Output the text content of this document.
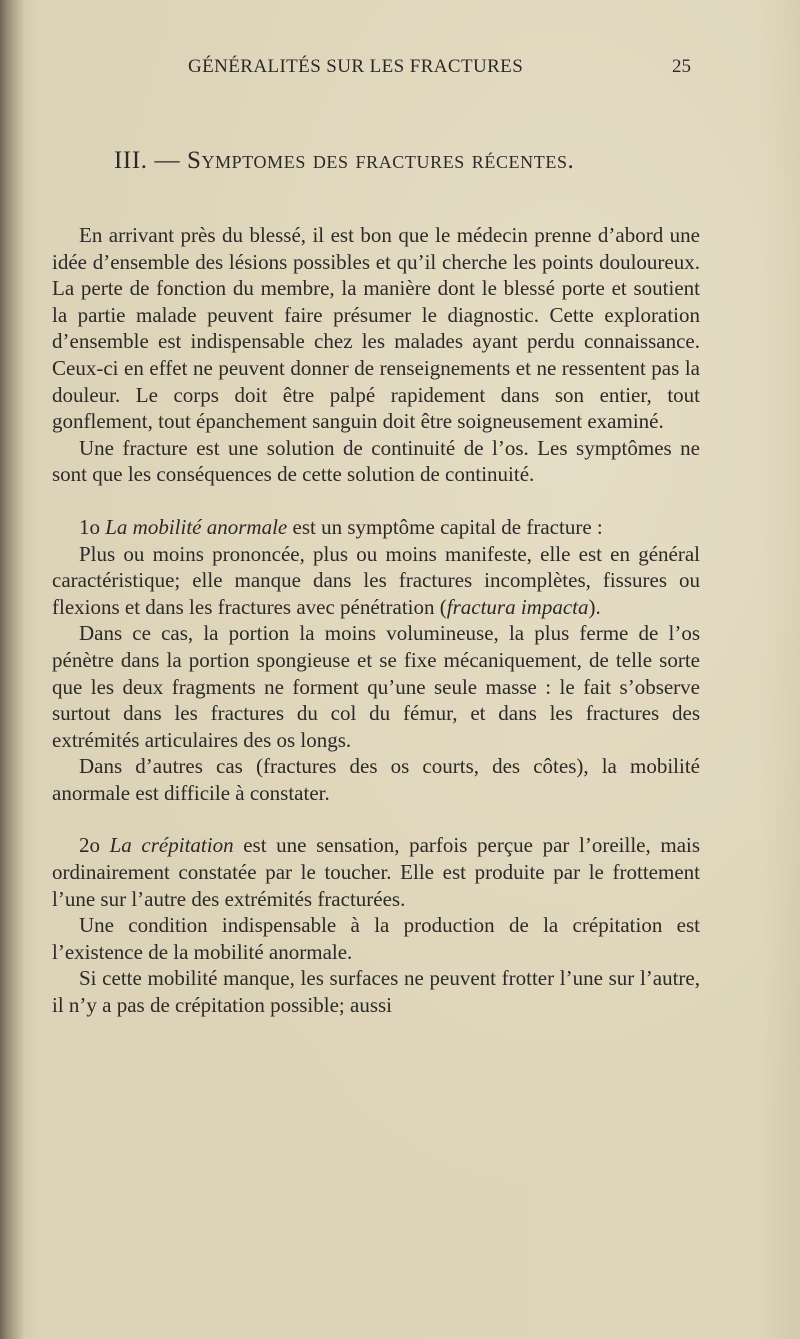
GÉNÉRALITÉS SUR LES FRACTURES	25
III. — Symptomes des fractures récentes.

En arrivant près du blessé, il est bon que le médecin prenne d’abord une idée d’ensemble des lésions possibles et qu’il cherche les points douloureux. La perte de fonction du membre, la manière dont le blessé porte et soutient la partie malade peuvent faire présumer le diagnostic. Cette exploration d’ensemble est indispensable chez les malades ayant perdu connaissance. Ceux-ci en effet ne peuvent donner de renseignements et ne ressentent pas la douleur. Le corps doit être palpé rapidement dans son entier, tout gonflement, tout épanchement sanguin doit être soigneusement examiné.

Une fracture est une solution de continuité de l’os. Les symptômes ne sont que les conséquences de cette solution de continuité.

1o La mobilité anormale est un symptôme capital de fracture :

Plus ou moins prononcée, plus ou moins manifeste, elle est en général caractéristique; elle manque dans les fractures incomplètes, fissures ou flexions et dans les fractures avec pénétration (fractura impacta).

Dans ce cas, la portion la moins volumineuse, la plus ferme de l’os pénètre dans la portion spongieuse et se fixe mécaniquement, de telle sorte que les deux fragments ne forment qu’une seule masse : le fait s’observe surtout dans les fractures du col du fémur, et dans les fractures des extrémités articulaires des os longs.

Dans d’autres cas (fractures des os courts, des côtes), la mobilité anormale est difficile à constater.

2o La crépitation est une sensation, parfois perçue par l’oreille, mais ordinairement constatée par le toucher. Elle est produite par le frottement l’une sur l’autre des extrémités fracturées.

Une condition indispensable à la production de la crépitation est l’existence de la mobilité anormale.

Si cette mobilité manque, les surfaces ne peuvent frotter l’une sur l’autre, il n’y a pas de crépitation possible; aussi
